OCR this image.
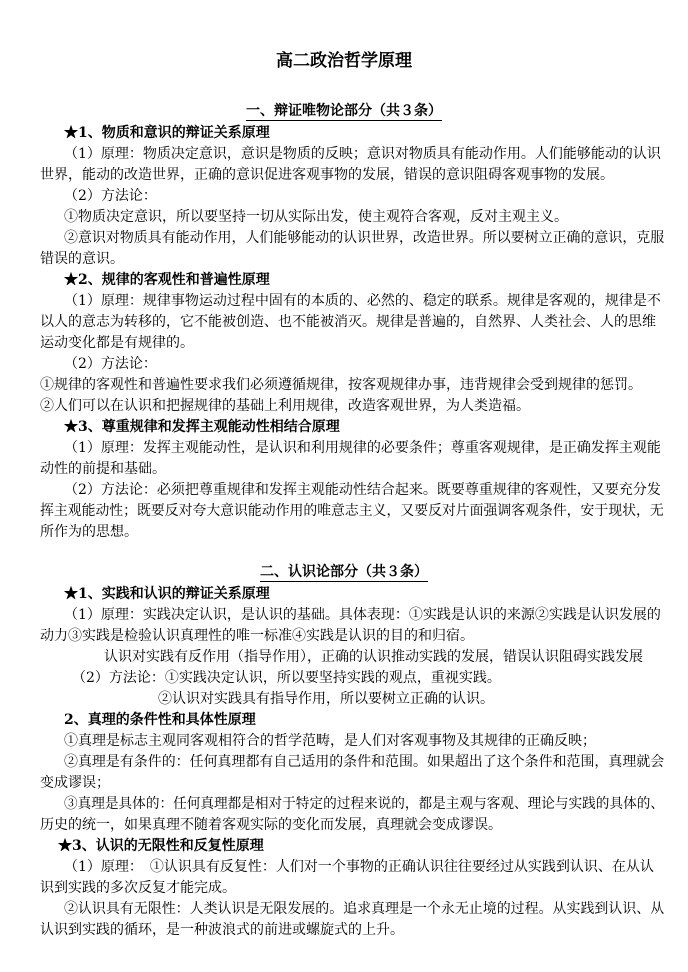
高二政治哲学原理
一、辩证唯物论部分（共３条）
★1、物质和意识的辩证关系原理
（1）原理：物质决定意识，意识是物质的反映；意识对物质具有能动作用。人们能够能动的认识
世界，能动的改造世界，正确的意识促进客观事物的发展，错误的意识阻碍客观事物的发展。
（2）方法论：
①物质决定意识，所以要坚持一切从实际出发，使主观符合客观，反对主观主义。
②意识对物质具有能动作用，人们能够能动的认识世界，改造世界。所以要树立正确的意识，克服
错误的意识。
★2、规律的客观性和普遍性原理
（1）原理：规律事物运动过程中固有的本质的、必然的、稳定的联系。规律是客观的，规律是不
以人的意志为转移的，它不能被创造、也不能被消灭。规律是普遍的，自然界、人类社会、人的思维
运动变化都是有规律的。
（2）方法论：
①规律的客观性和普遍性要求我们必须遵循规律，按客观规律办事，违背规律会受到规律的惩罚。
②人们可以在认识和把握规律的基础上利用规律，改造客观世界，为人类造福。
★3、尊重规律和发挥主观能动性相结合原理
（1）原理：发挥主观能动性，是认识和利用规律的必要条件；尊重客观规律，是正确发挥主观能
动性的前提和基础。
（2）方法论：必须把尊重规律和发挥主观能动性结合起来。既要尊重规律的客观性，又要充分发
挥主观能动性；既要反对夸大意识能动作用的唯意志主义，又要反对片面强调客观条件，安于现状，无
所作为的思想。
二、认识论部分（共３条）
★1、实践和认识的辩证关系原理
（1）原理：实践决定认识，是认识的基础。具体表现：①实践是认识的来源②实践是认识发展的
动力③实践是检验认识真理性的唯一标准④实践是认识的目的和归宿。
认识对实践有反作用（指导作用），正确的认识推动实践的发展，错误认识阻碍实践发展
（2）方法论：①实践决定认识，所以要坚持实践的观点，重视实践。
②认识对实践具有指导作用，所以要树立正确的认识。
2、真理的条件性和具体性原理
①真理是标志主观同客观相符合的哲学范畴，是人们对客观事物及其规律的正确反映；
②真理是有条件的：任何真理都有自己适用的条件和范围。如果超出了这个条件和范围，真理就会
变成谬误；
③真理是具体的：任何真理都是相对于特定的过程来说的，都是主观与客观、理论与实践的具体的、
历史的统一，如果真理不随着客观实际的变化而发展，真理就会变成谬误。
★3、认识的无限性和反复性原理
（1）原理：　①认识具有反复性：人们对一个事物的正确认识往往要经过从实践到认识、在从认
识到实践的多次反复才能完成。
②认识具有无限性：人类认识是无限发展的。追求真理是一个永无止境的过程。从实践到认识、从
认识到实践的循环，是一种波浪式的前进或螺旋式的上升。
